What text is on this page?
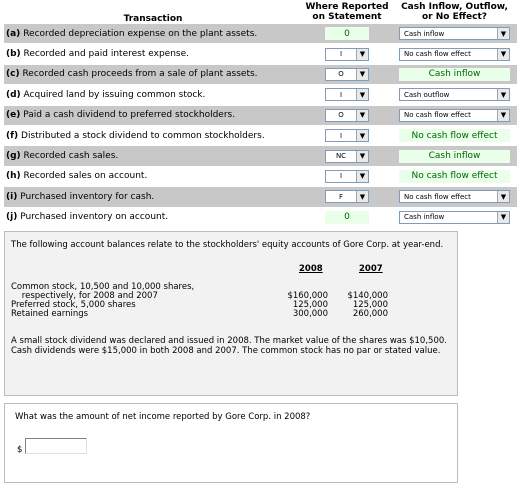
Transaction
Where Reported
on Statement
Cash Inflow, Outflow,
or No Effect?
(a) Recorded depreciation expense on the plant assets.	0	Cash inflow	▼
(b) Recorded and paid interest expense.	I	▼	No cash flow effect	▼
(c) Recorded cash proceeds from a sale of plant assets.	O	▼	Cash inflow
(d) Acquired land by issuing common stock.	I	▼	Cash outflow	▼
(e) Paid a cash dividend to preferred stockholders.	O	▼	No cash flow effect	▼
(f) Distributed a stock dividend to common stockholders.	I	▼	No cash flow effect
(g) Recorded cash sales.	NC	▼	Cash inflow
(h) Recorded sales on account.	I	▼	No cash flow effect
(i) Purchased inventory for cash.	F	▼	No cash flow effect	▼
(j) Purchased inventory on account.	0	Cash inflow	▼

The following account balances relate to the stockholders' equity accounts of Gore Corp. at year-end.

2008	2007
Common stock, 10,500 and 10,000 shares,
respectively, for 2008 and 2007	$160,000	$140,000
Preferred stock, 5,000 shares	125,000	125,000
Retained earnings	300,000	260,000

A small stock dividend was declared and issued in 2008. The market value of the shares was $10,500. Cash dividends were $15,000 in both 2008 and 2007. The common stock has no par or stated value.

What was the amount of net income reported by Gore Corp. in 2008?
$
